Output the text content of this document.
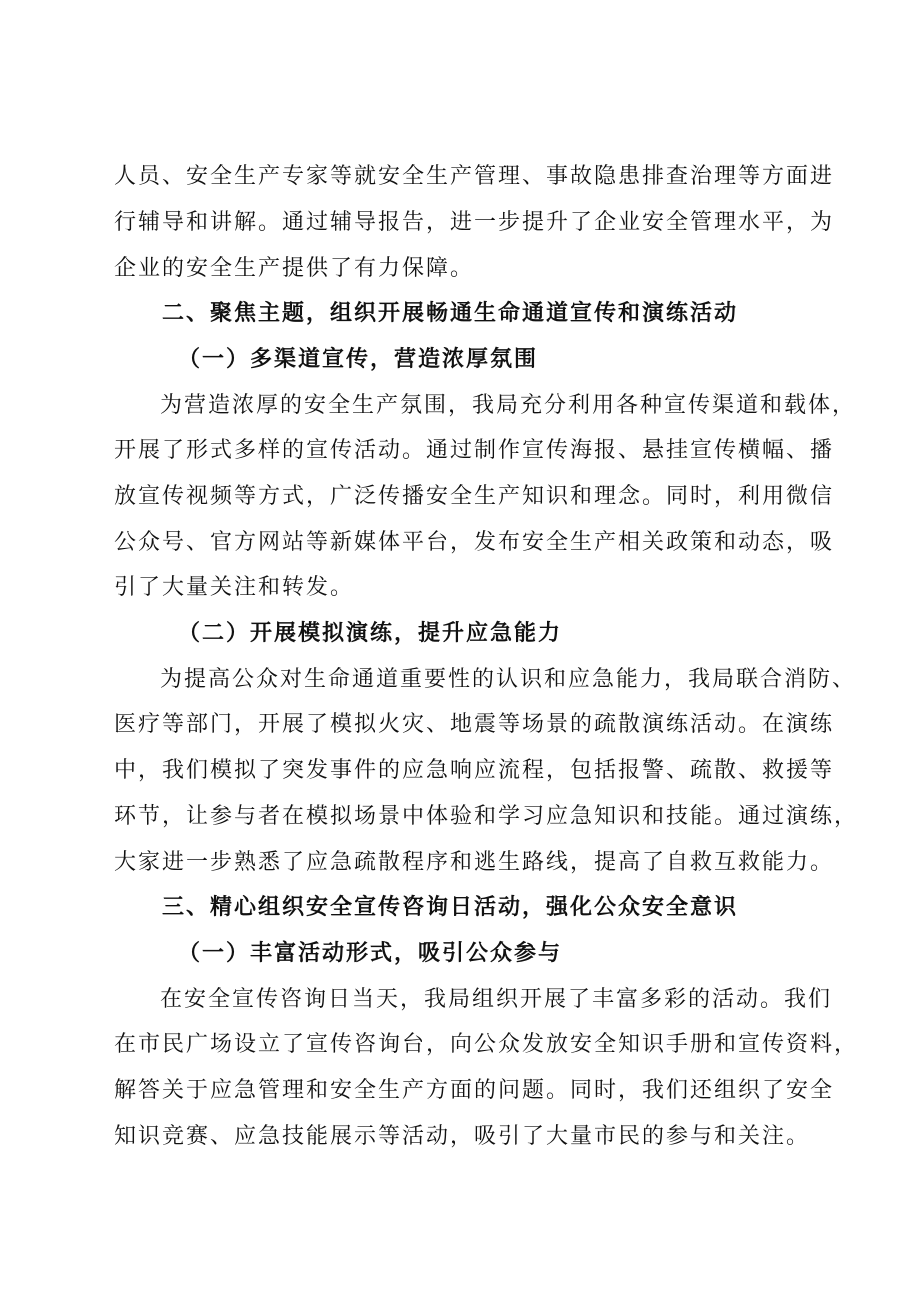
人员、安全生产专家等就安全生产管理、事故隐患排查治理等方面进
行辅导和讲解。通过辅导报告，进一步提升了企业安全管理水平，为
企业的安全生产提供了有力保障。
二、聚焦主题，组织开展畅通生命通道宣传和演练活动
（一）多渠道宣传，营造浓厚氛围
为营造浓厚的安全生产氛围，我局充分利用各种宣传渠道和载体，
开展了形式多样的宣传活动。通过制作宣传海报、悬挂宣传横幅、播
放宣传视频等方式，广泛传播安全生产知识和理念。同时，利用微信
公众号、官方网站等新媒体平台，发布安全生产相关政策和动态，吸
引了大量关注和转发。
（二）开展模拟演练，提升应急能力
为提高公众对生命通道重要性的认识和应急能力，我局联合消防、
医疗等部门，开展了模拟火灾、地震等场景的疏散演练活动。在演练
中，我们模拟了突发事件的应急响应流程，包括报警、疏散、救援等
环节，让参与者在模拟场景中体验和学习应急知识和技能。通过演练，
大家进一步熟悉了应急疏散程序和逃生路线，提高了自救互救能力。
三、精心组织安全宣传咨询日活动，强化公众安全意识
（一）丰富活动形式，吸引公众参与
在安全宣传咨询日当天，我局组织开展了丰富多彩的活动。我们
在市民广场设立了宣传咨询台，向公众发放安全知识手册和宣传资料，
解答关于应急管理和安全生产方面的问题。同时，我们还组织了安全
知识竞赛、应急技能展示等活动，吸引了大量市民的参与和关注。
